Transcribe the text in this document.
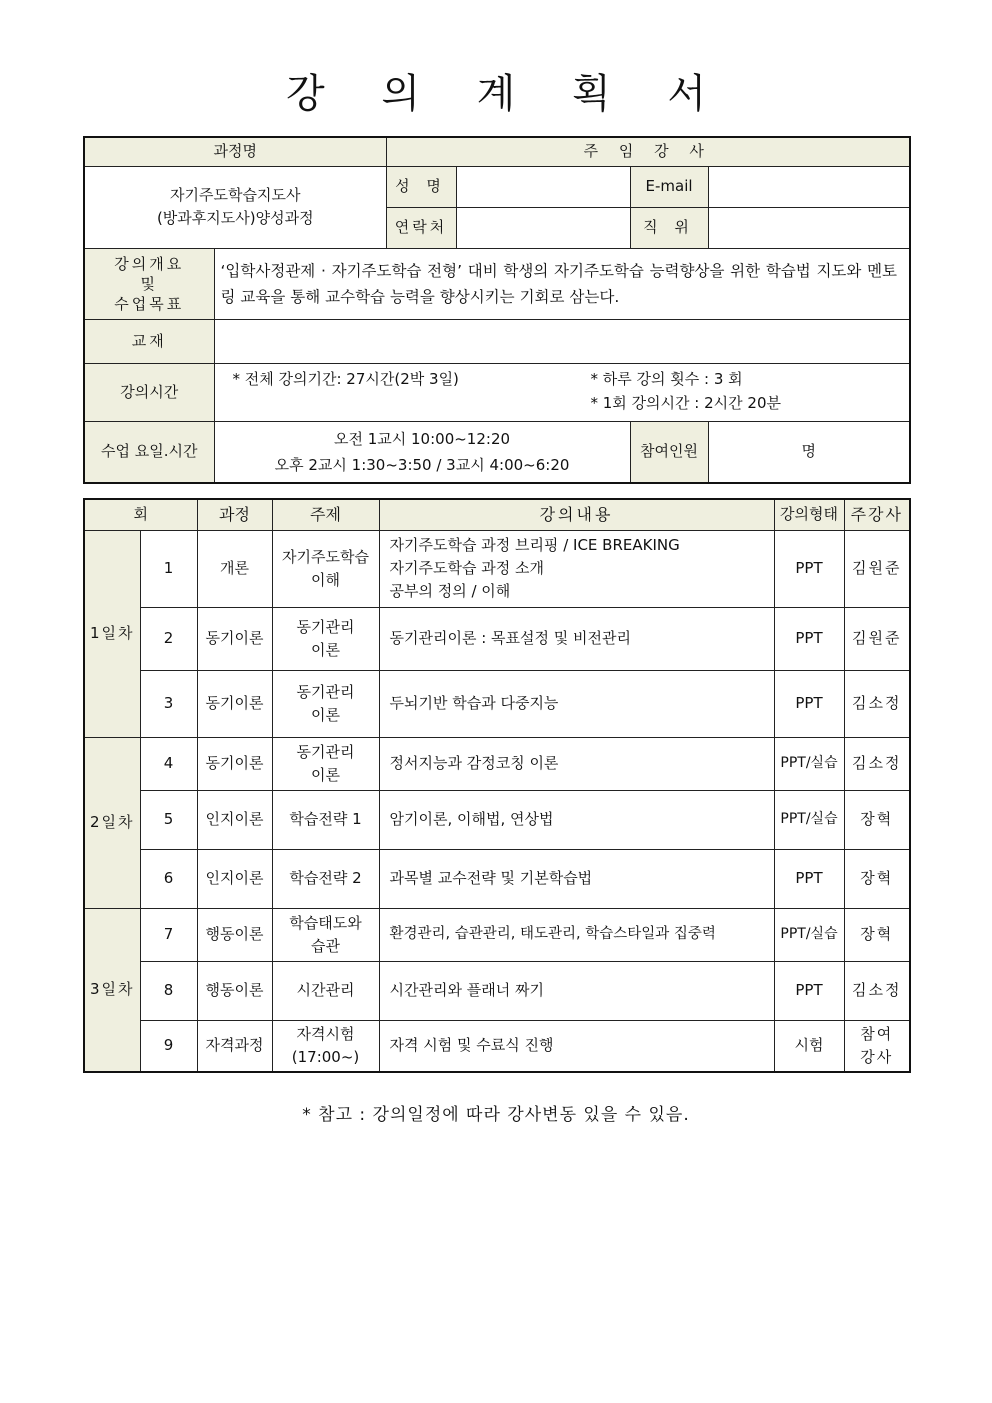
강 의 계 획 서
과정명		주 임 강 사			

자기주도학습지도사
(방과후지도사)양성과정		성 명		E-mail	
		연락처		직 위	

강의개요
및
수업목표	‘입학사정관제 · 자기주도학습 전형’ 대비 학생의 자기주도학습 능력향상을 위한 학습법 지도와 멘토링 교육을 통해 교수학습 능력을 향상시키는 기회로 삼는다.				
교재					
강의시간	* 전체 강의기간: 27시간(2박 3일) * 하루 강의 횟수 : 3 회
* 1회 강의시간 : 2시간 20분				

수업 요일.시간	오전 1교시 10:00~12:20
오후 2교시 1:30~3:50 / 3교시 4:00~6:20			참여인원	명
회		과정	주제	강의내용	강의형태	주강사
1일차	1	개론	자기주도학습
이해	자기주도학습 과정 브리핑 / ICE BREAKING
자기주도학습 과정 소개
공부의 정의 / 이해	PPT	김원준
	2	동기이론	동기관리
이론	동기관리이론 : 목표설정 및 비전관리	PPT	김원준
	3	동기이론	동기관리
이론	두뇌기반 학습과 다중지능	PPT	김소정
2일차	4	동기이론	동기관리
이론	정서지능과 감정코칭 이론	PPT/실습	김소정
	5	인지이론	학습전략 1	암기이론, 이해법, 연상법	PPT/실습	장혁
	6	인지이론	학습전략 2	과목별 교수전략 및 기본학습법	PPT	장혁
3일차	7	행동이론	학습태도와
습관	환경관리, 습관관리, 태도관리, 학습스타일과 집중력	PPT/실습	장혁
	8	행동이론	시간관리	시간관리와 플래너 짜기	PPT	김소정
	9	자격과정	자격시험
(17:00~)	자격 시험 및 수료식 진행	시험	참여
강사
* 참고 : 강의일정에 따라 강사변동 있을 수 있음.
